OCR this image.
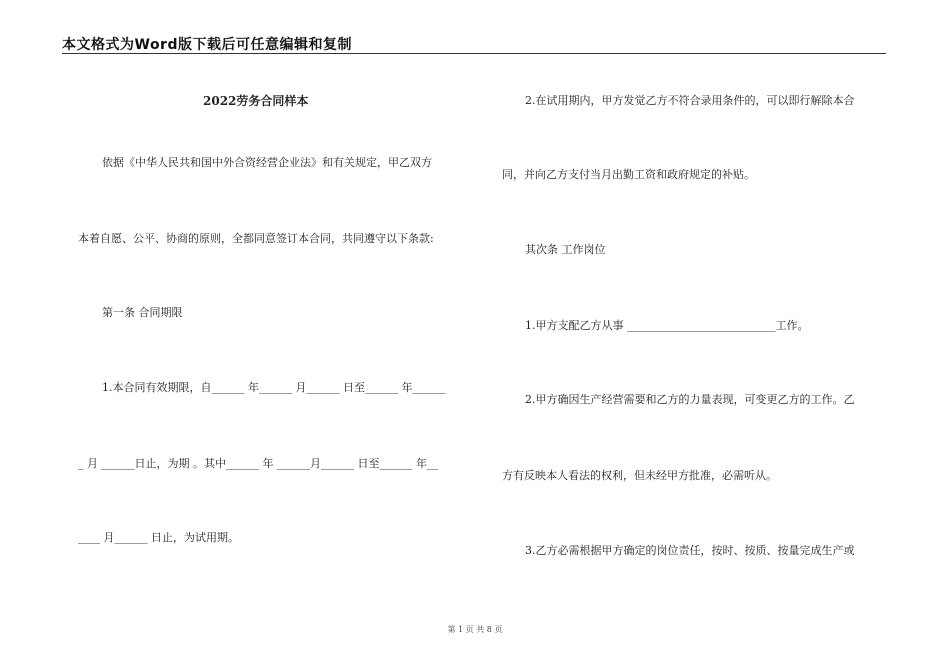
本文格式为Word版下载后可任意编辑和复制

2022劳务合同样本

依据《中华人民共和国中外合资经营企业法》和有关规定，甲乙双方

本着自愿、公平、协商的原则，全都同意签订本合同，共同遵守以下条款:

第一条 合同期限

1.本合同有效期限，自______ 年______ 月______ 日至______ 年______

_ 月 ______日止，为期 。其中______ 年 ______月______ 日至______ 年__

____ 月______ 日止，为试用期。

2.在试用期内，甲方发觉乙方不符合录用条件的，可以即行解除本合

同，并向乙方支付当月出勤工资和政府规定的补贴。

其次条 工作岗位

1.甲方支配乙方从事 ___________________________工作。

2.甲方确因生产经营需要和乙方的力量表现，可变更乙方的工作。乙

方有反映本人看法的权利，但未经甲方批准，必需听从。

3.乙方必需根据甲方确定的岗位责任，按时、按质、按量完成生产或

第 1 页 共 8 页
